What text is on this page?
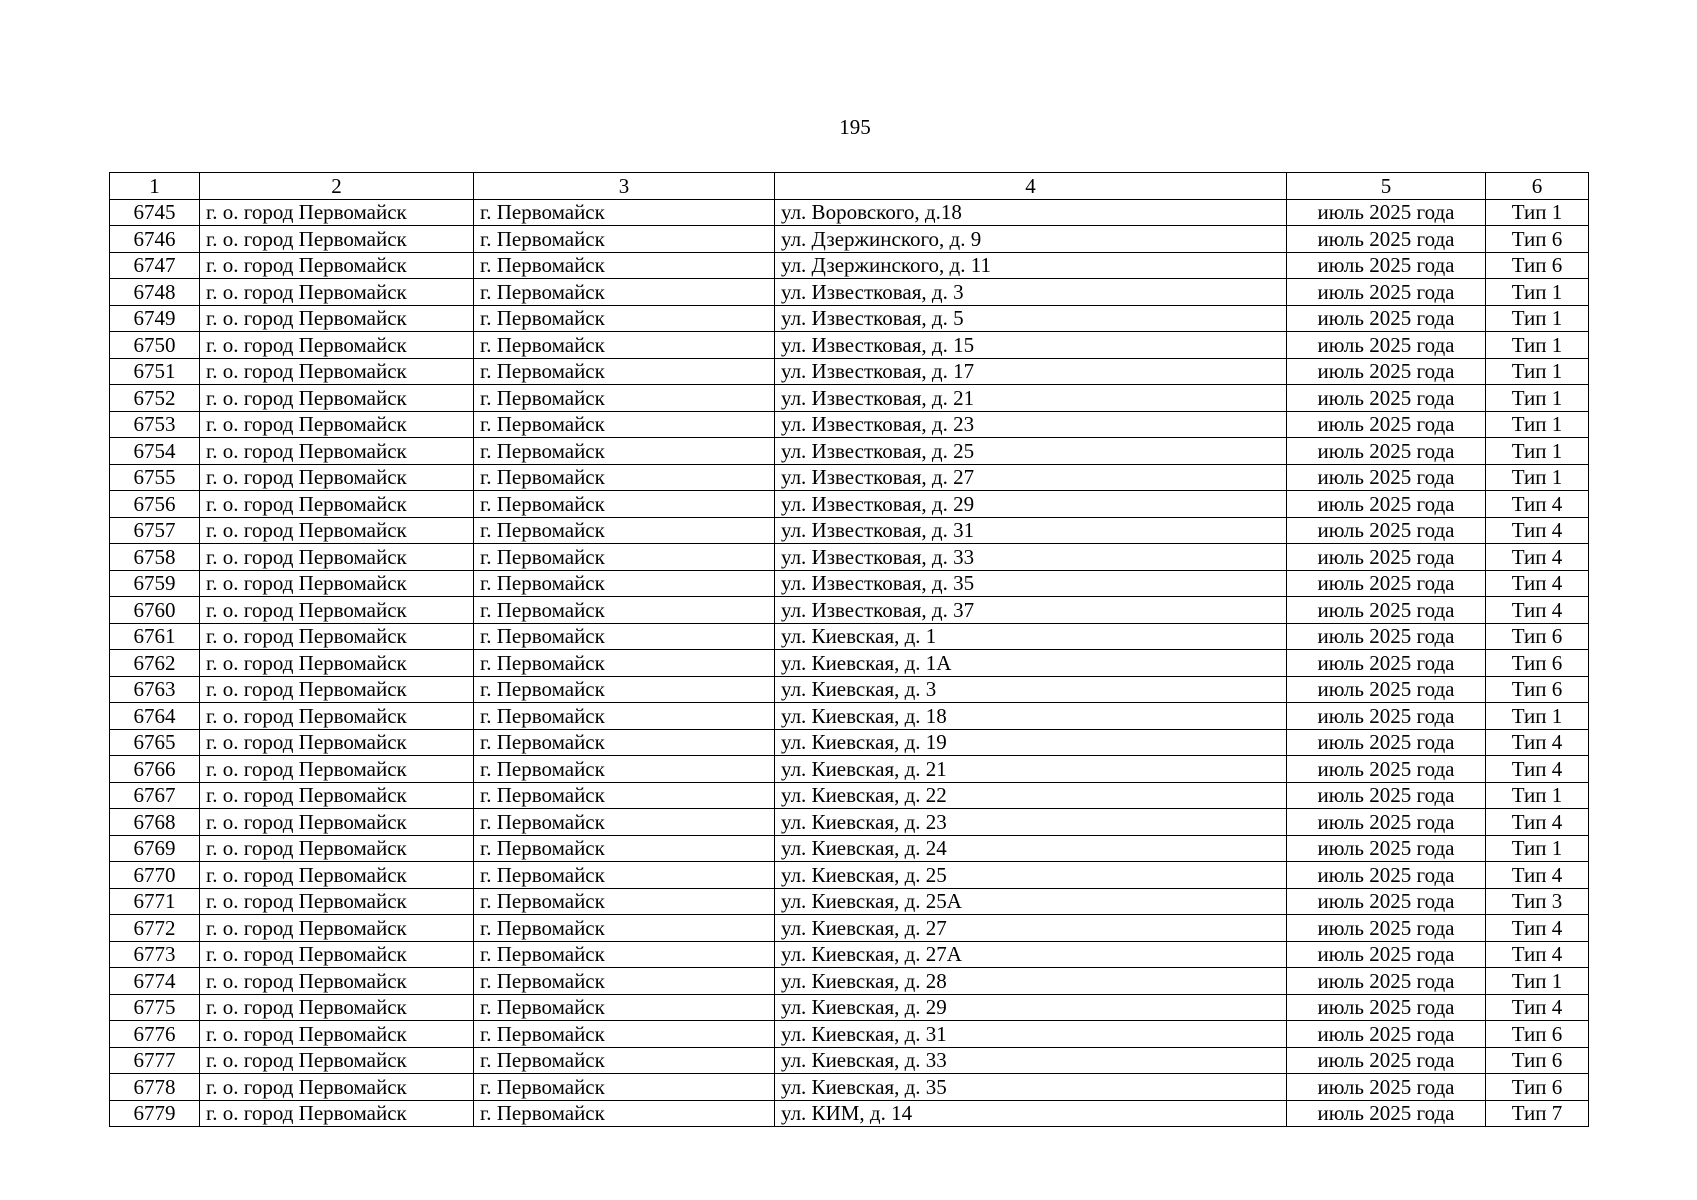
195
1	2	3	4	5	6
6745	г. о. город Первомайск	г. Первомайск	ул. Воровского, д.18	июль 2025 года	Тип 1
6746	г. о. город Первомайск	г. Первомайск	ул. Дзержинского, д. 9	июль 2025 года	Тип 6
6747	г. о. город Первомайск	г. Первомайск	ул. Дзержинского, д. 11	июль 2025 года	Тип 6
6748	г. о. город Первомайск	г. Первомайск	ул. Известковая, д. 3	июль 2025 года	Тип 1
6749	г. о. город Первомайск	г. Первомайск	ул. Известковая, д. 5	июль 2025 года	Тип 1
6750	г. о. город Первомайск	г. Первомайск	ул. Известковая, д. 15	июль 2025 года	Тип 1
6751	г. о. город Первомайск	г. Первомайск	ул. Известковая, д. 17	июль 2025 года	Тип 1
6752	г. о. город Первомайск	г. Первомайск	ул. Известковая, д. 21	июль 2025 года	Тип 1
6753	г. о. город Первомайск	г. Первомайск	ул. Известковая, д. 23	июль 2025 года	Тип 1
6754	г. о. город Первомайск	г. Первомайск	ул. Известковая, д. 25	июль 2025 года	Тип 1
6755	г. о. город Первомайск	г. Первомайск	ул. Известковая, д. 27	июль 2025 года	Тип 1
6756	г. о. город Первомайск	г. Первомайск	ул. Известковая, д. 29	июль 2025 года	Тип 4
6757	г. о. город Первомайск	г. Первомайск	ул. Известковая, д. 31	июль 2025 года	Тип 4
6758	г. о. город Первомайск	г. Первомайск	ул. Известковая, д. 33	июль 2025 года	Тип 4
6759	г. о. город Первомайск	г. Первомайск	ул. Известковая, д. 35	июль 2025 года	Тип 4
6760	г. о. город Первомайск	г. Первомайск	ул. Известковая, д. 37	июль 2025 года	Тип 4
6761	г. о. город Первомайск	г. Первомайск	ул. Киевская, д. 1	июль 2025 года	Тип 6
6762	г. о. город Первомайск	г. Первомайск	ул. Киевская, д. 1А	июль 2025 года	Тип 6
6763	г. о. город Первомайск	г. Первомайск	ул. Киевская, д. 3	июль 2025 года	Тип 6
6764	г. о. город Первомайск	г. Первомайск	ул. Киевская, д. 18	июль 2025 года	Тип 1
6765	г. о. город Первомайск	г. Первомайск	ул. Киевская, д. 19	июль 2025 года	Тип 4
6766	г. о. город Первомайск	г. Первомайск	ул. Киевская, д. 21	июль 2025 года	Тип 4
6767	г. о. город Первомайск	г. Первомайск	ул. Киевская, д. 22	июль 2025 года	Тип 1
6768	г. о. город Первомайск	г. Первомайск	ул. Киевская, д. 23	июль 2025 года	Тип 4
6769	г. о. город Первомайск	г. Первомайск	ул. Киевская, д. 24	июль 2025 года	Тип 1
6770	г. о. город Первомайск	г. Первомайск	ул. Киевская, д. 25	июль 2025 года	Тип 4
6771	г. о. город Первомайск	г. Первомайск	ул. Киевская, д. 25А	июль 2025 года	Тип 3
6772	г. о. город Первомайск	г. Первомайск	ул. Киевская, д. 27	июль 2025 года	Тип 4
6773	г. о. город Первомайск	г. Первомайск	ул. Киевская, д. 27А	июль 2025 года	Тип 4
6774	г. о. город Первомайск	г. Первомайск	ул. Киевская, д. 28	июль 2025 года	Тип 1
6775	г. о. город Первомайск	г. Первомайск	ул. Киевская, д. 29	июль 2025 года	Тип 4
6776	г. о. город Первомайск	г. Первомайск	ул. Киевская, д. 31	июль 2025 года	Тип 6
6777	г. о. город Первомайск	г. Первомайск	ул. Киевская, д. 33	июль 2025 года	Тип 6
6778	г. о. город Первомайск	г. Первомайск	ул. Киевская, д. 35	июль 2025 года	Тип 6
6779	г. о. город Первомайск	г. Первомайск	ул. КИМ, д. 14	июль 2025 года	Тип 7
